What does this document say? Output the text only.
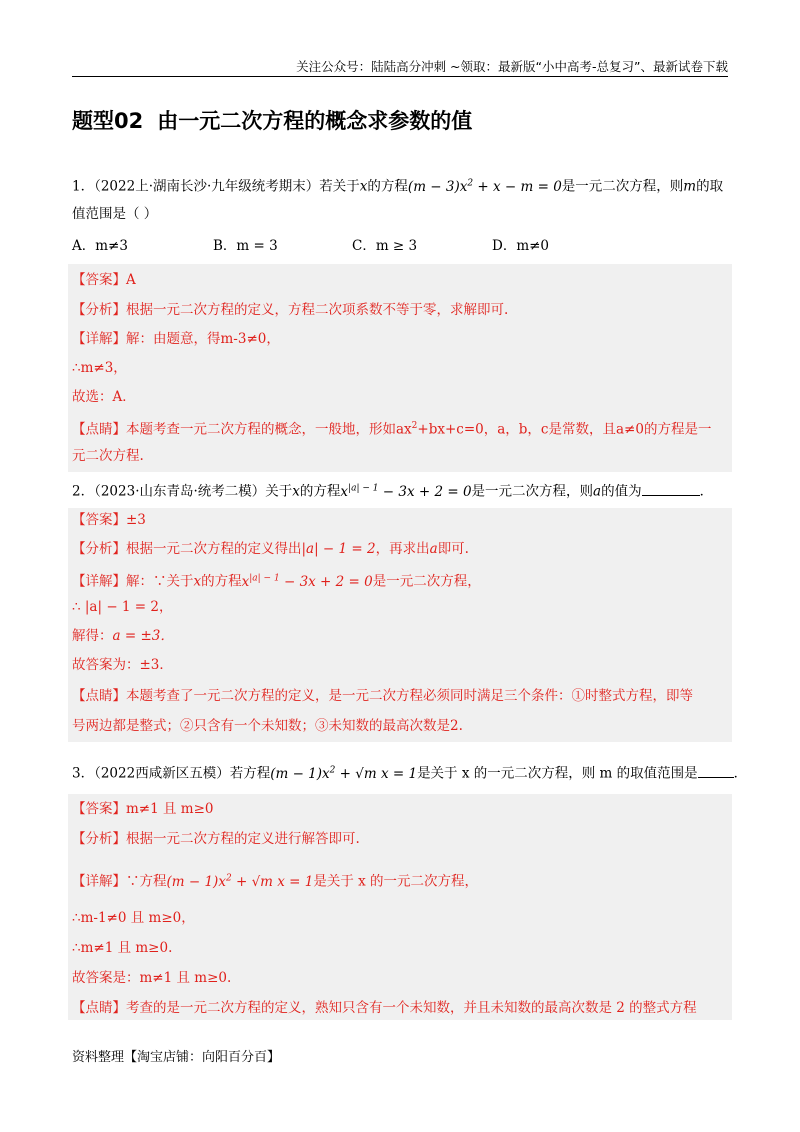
关注公众号：陆陆高分冲刺 ~领取：最新版“小中高考-总复习”、最新试卷下载
题型02 由一元二次方程的概念求参数的值
1．（2022上·湖南长沙·九年级统考期末）若关于x的方程$(m - 3)x^2 + x - m = 0$是一元二次方程，则m的取
值范围是（ ）
A．m≠3	B．m = 3	C．m ≥ 3	D．m≠0
【答案】A
【分析】根据一元二次方程的定义，方程二次项系数不等于零，求解即可.
【详解】解：由题意，得m-3≠0，
∴m≠3，
故选：A．
【点睛】本题考查一元二次方程的概念，一般地，形如$ax^2+bx+c=0$，a，b，c是常数，且a≠0的方程是一
元二次方程.
2．（2023·山东青岛·统考二模）关于x的方程$x^{|a| - 1} - 3x + 2 = 0$是一元二次方程，则a的值为	．
【答案】±3
【分析】根据一元二次方程的定义得出|a| − 1 = 2，再求出a即可.
【详解】解：∵关于x的方程$x^{|a| - 1} - 3x + 2 = 0$是一元二次方程，
∴ |a| − 1 = 2，
解得：a = ±3．
故答案为：±3．
【点睛】本题考查了一元二次方程的定义，是一元二次方程必须同时满足三个条件：①时整式方程，即等
号两边都是整式；②只含有一个未知数；③未知数的最高次数是2.
3．（2022西咸新区五模）若方程$(m - 1)x^2 + √m$ x = 1是关于 x 的一元二次方程，则 m 的取值范围是	．
【答案】m≠1 且 m≥0
【分析】根据一元二次方程的定义进行解答即可.
【详解】∵方程$(m - 1)x^2 + √m$ x = 1是关于 x 的一元二次方程，
∴m-1≠0 且 m≥0，
∴m≠1 且 m≥0.
故答案是：m≠1 且 m≥0.
【点睛】考查的是一元二次方程的定义，熟知只含有一个未知数，并且未知数的最高次数是 2 的整式方程
资料整理【淘宝店铺：向阳百分百】
